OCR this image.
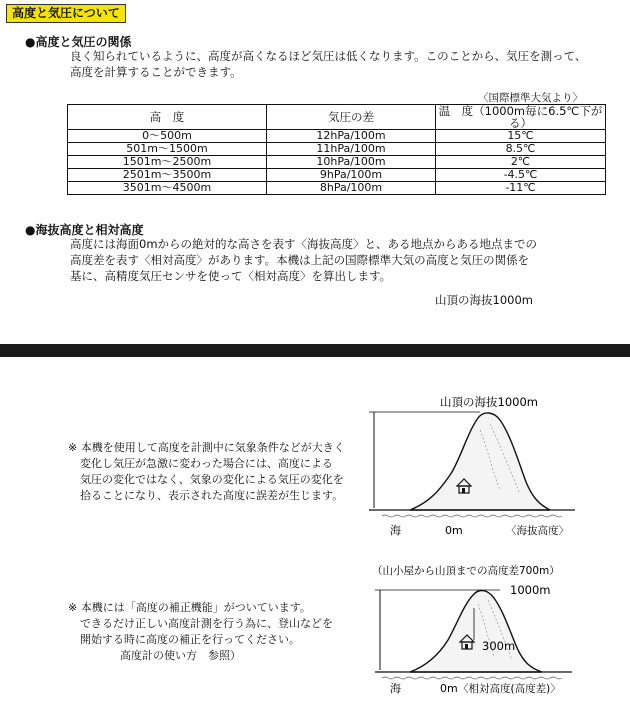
高度と気圧について
●高度と気圧の関係
良く知られているように、高度が高くなるほど気圧は低くなります。このことから、気圧を測って、
高度を計算することができます。
〈国際標準大気より〉
高　度	気圧の差	温　度（1000m毎に6.5℃下がる）
0～500m	12hPa/100m	15℃
501m～1500m	11hPa/100m	8.5℃
1501m～2500m	10hPa/100m	2℃
2501m～3500m	9hPa/100m	-4.5℃
3501m～4500m	8hPa/100m	-11℃
●海抜高度と相対高度
高度には海面0mからの絶対的な高さを表す〈海抜高度〉と、ある地点からある地点までの
高度差を表す〈相対高度〉があります。本機は上記の国際標準大気の高度と気圧の関係を
基に、高精度気圧センサを使って〈相対高度〉を算出します。
山頂の海抜1000m
※ 本機を使用して高度を計測中に気象条件などが大きく
変化し気圧が急激に変わった場合には、高度による
気圧の変化ではなく、気象の変化による気圧の変化を
拾ることになり、表示された高度に誤差が生じます。
山頂の海抜1000m
海	0m	〈海抜高度〉
※ 本機には「高度の補正機能」がついています。
できるだけ正しい高度計測を行う為に、登山などを
開始する時に高度の補正を行ってください。
高度計の使い方　参照）
（山小屋から山頂までの高度差700m）
1000m
300m
海	0m 〈相対高度(高度差)〉
